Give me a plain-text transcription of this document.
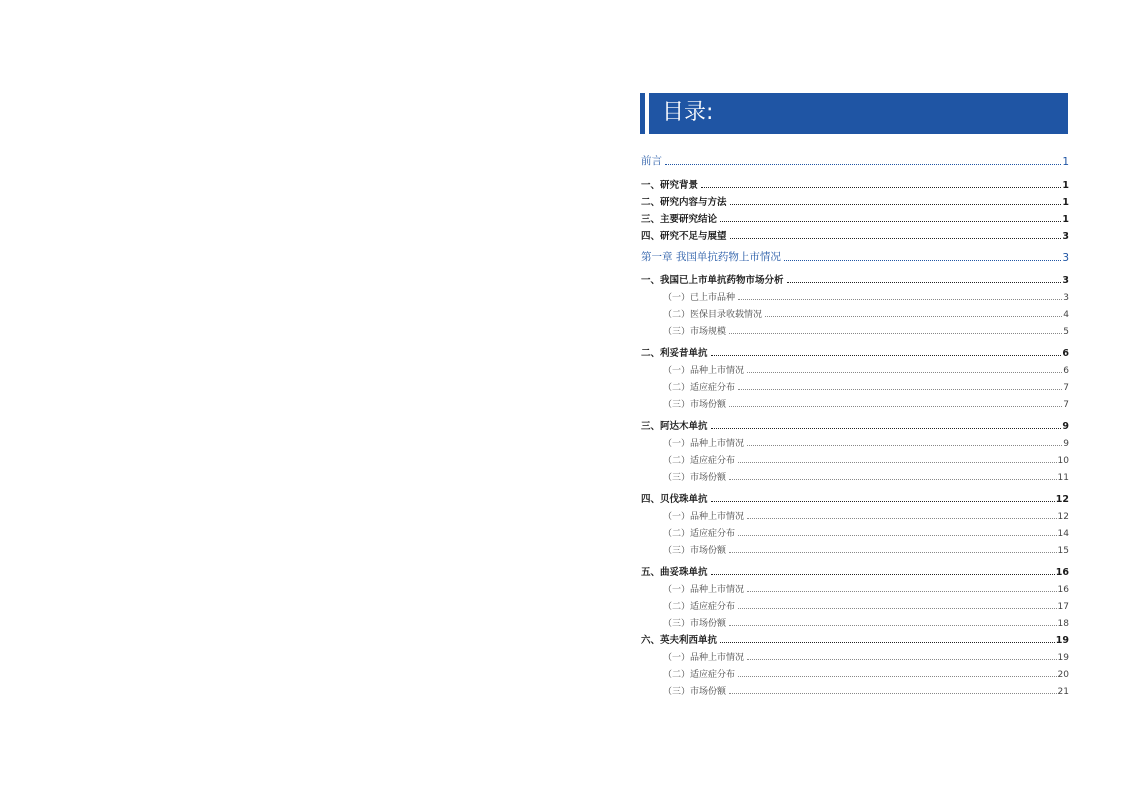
目录:
前言	1
一、研究背景	1
二、研究内容与方法	1
三、主要研究结论	1
四、研究不足与展望	3
第一章 我国单抗药物上市情况	3
一、我国已上市单抗药物市场分析	3
（一）已上市品种	3
（二）医保目录收载情况	4
（三）市场规模	5
二、利妥昔单抗	6
（一）品种上市情况	6
（二）适应症分布	7
（三）市场份额	7
三、阿达木单抗	9
（一）品种上市情况	9
（二）适应症分布	10
（三）市场份额	11
四、贝伐珠单抗	12
（一）品种上市情况	12
（二）适应症分布	14
（三）市场份额	15
五、曲妥珠单抗	16
（一）品种上市情况	16
（二）适应症分布	17
（三）市场份额	18
六、英夫利西单抗	19
（一）品种上市情况	19
（二）适应症分布	20
（三）市场份额	21
